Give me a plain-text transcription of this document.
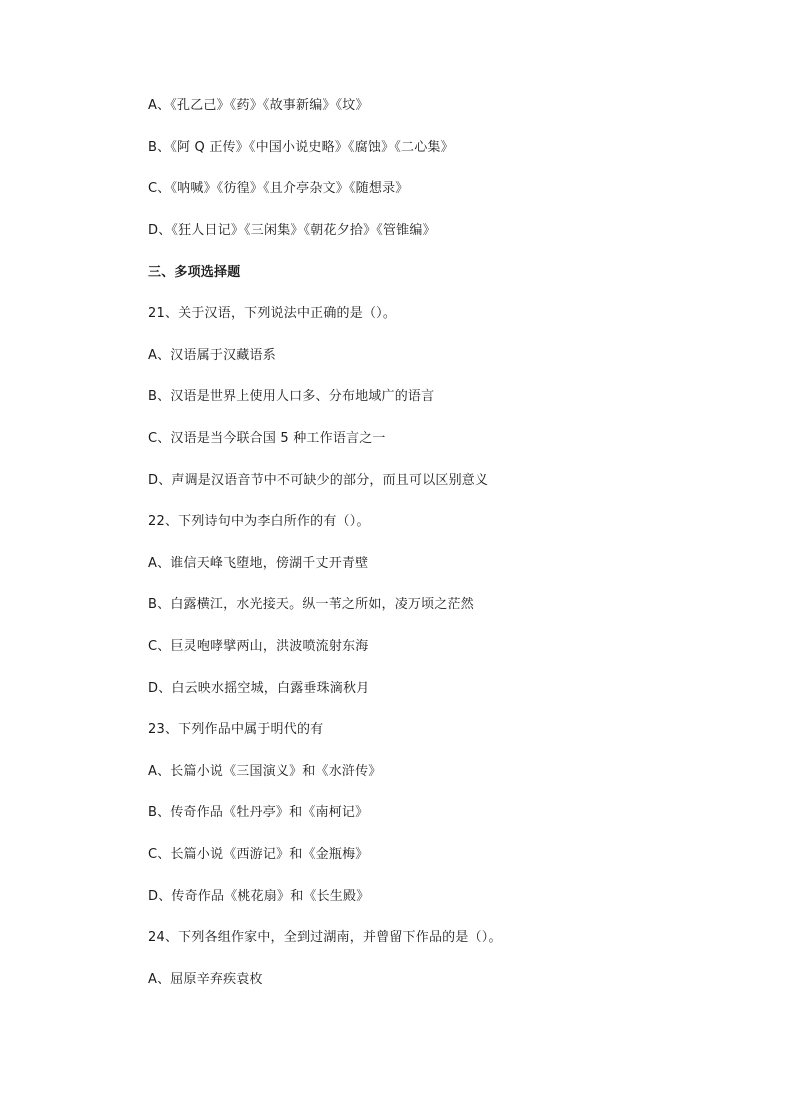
A、《孔乙己》《药》《故事新编》《坟》
B、《阿 Q 正传》《中国小说史略》《腐蚀》《二心集》
C、《呐喊》《彷徨》《且介亭杂文》《随想录》
D、《狂人日记》《三闲集》《朝花夕拾》《管锥编》
三、多项选择题
21、关于汉语，下列说法中正确的是（）。
A、汉语属于汉藏语系
B、汉语是世界上使用人口多、分布地域广的语言
C、汉语是当今联合国 5 种工作语言之一
D、声调是汉语音节中不可缺少的部分，而且可以区别意义
22、下列诗句中为李白所作的有（）。
A、谁信天峰飞堕地，傍湖千丈开青壁
B、白露横江，水光接天。纵一苇之所如，凌万顷之茫然
C、巨灵咆哮擘两山，洪波喷流射东海
D、白云映水摇空城，白露垂珠滴秋月
23、下列作品中属于明代的有
A、长篇小说《三国演义》和《水浒传》
B、传奇作品《牡丹亭》和《南柯记》
C、长篇小说《西游记》和《金瓶梅》
D、传奇作品《桃花扇》和《长生殿》
24、下列各组作家中，全到过湖南，并曾留下作品的是（）。
A、屈原辛弃疾袁枚
